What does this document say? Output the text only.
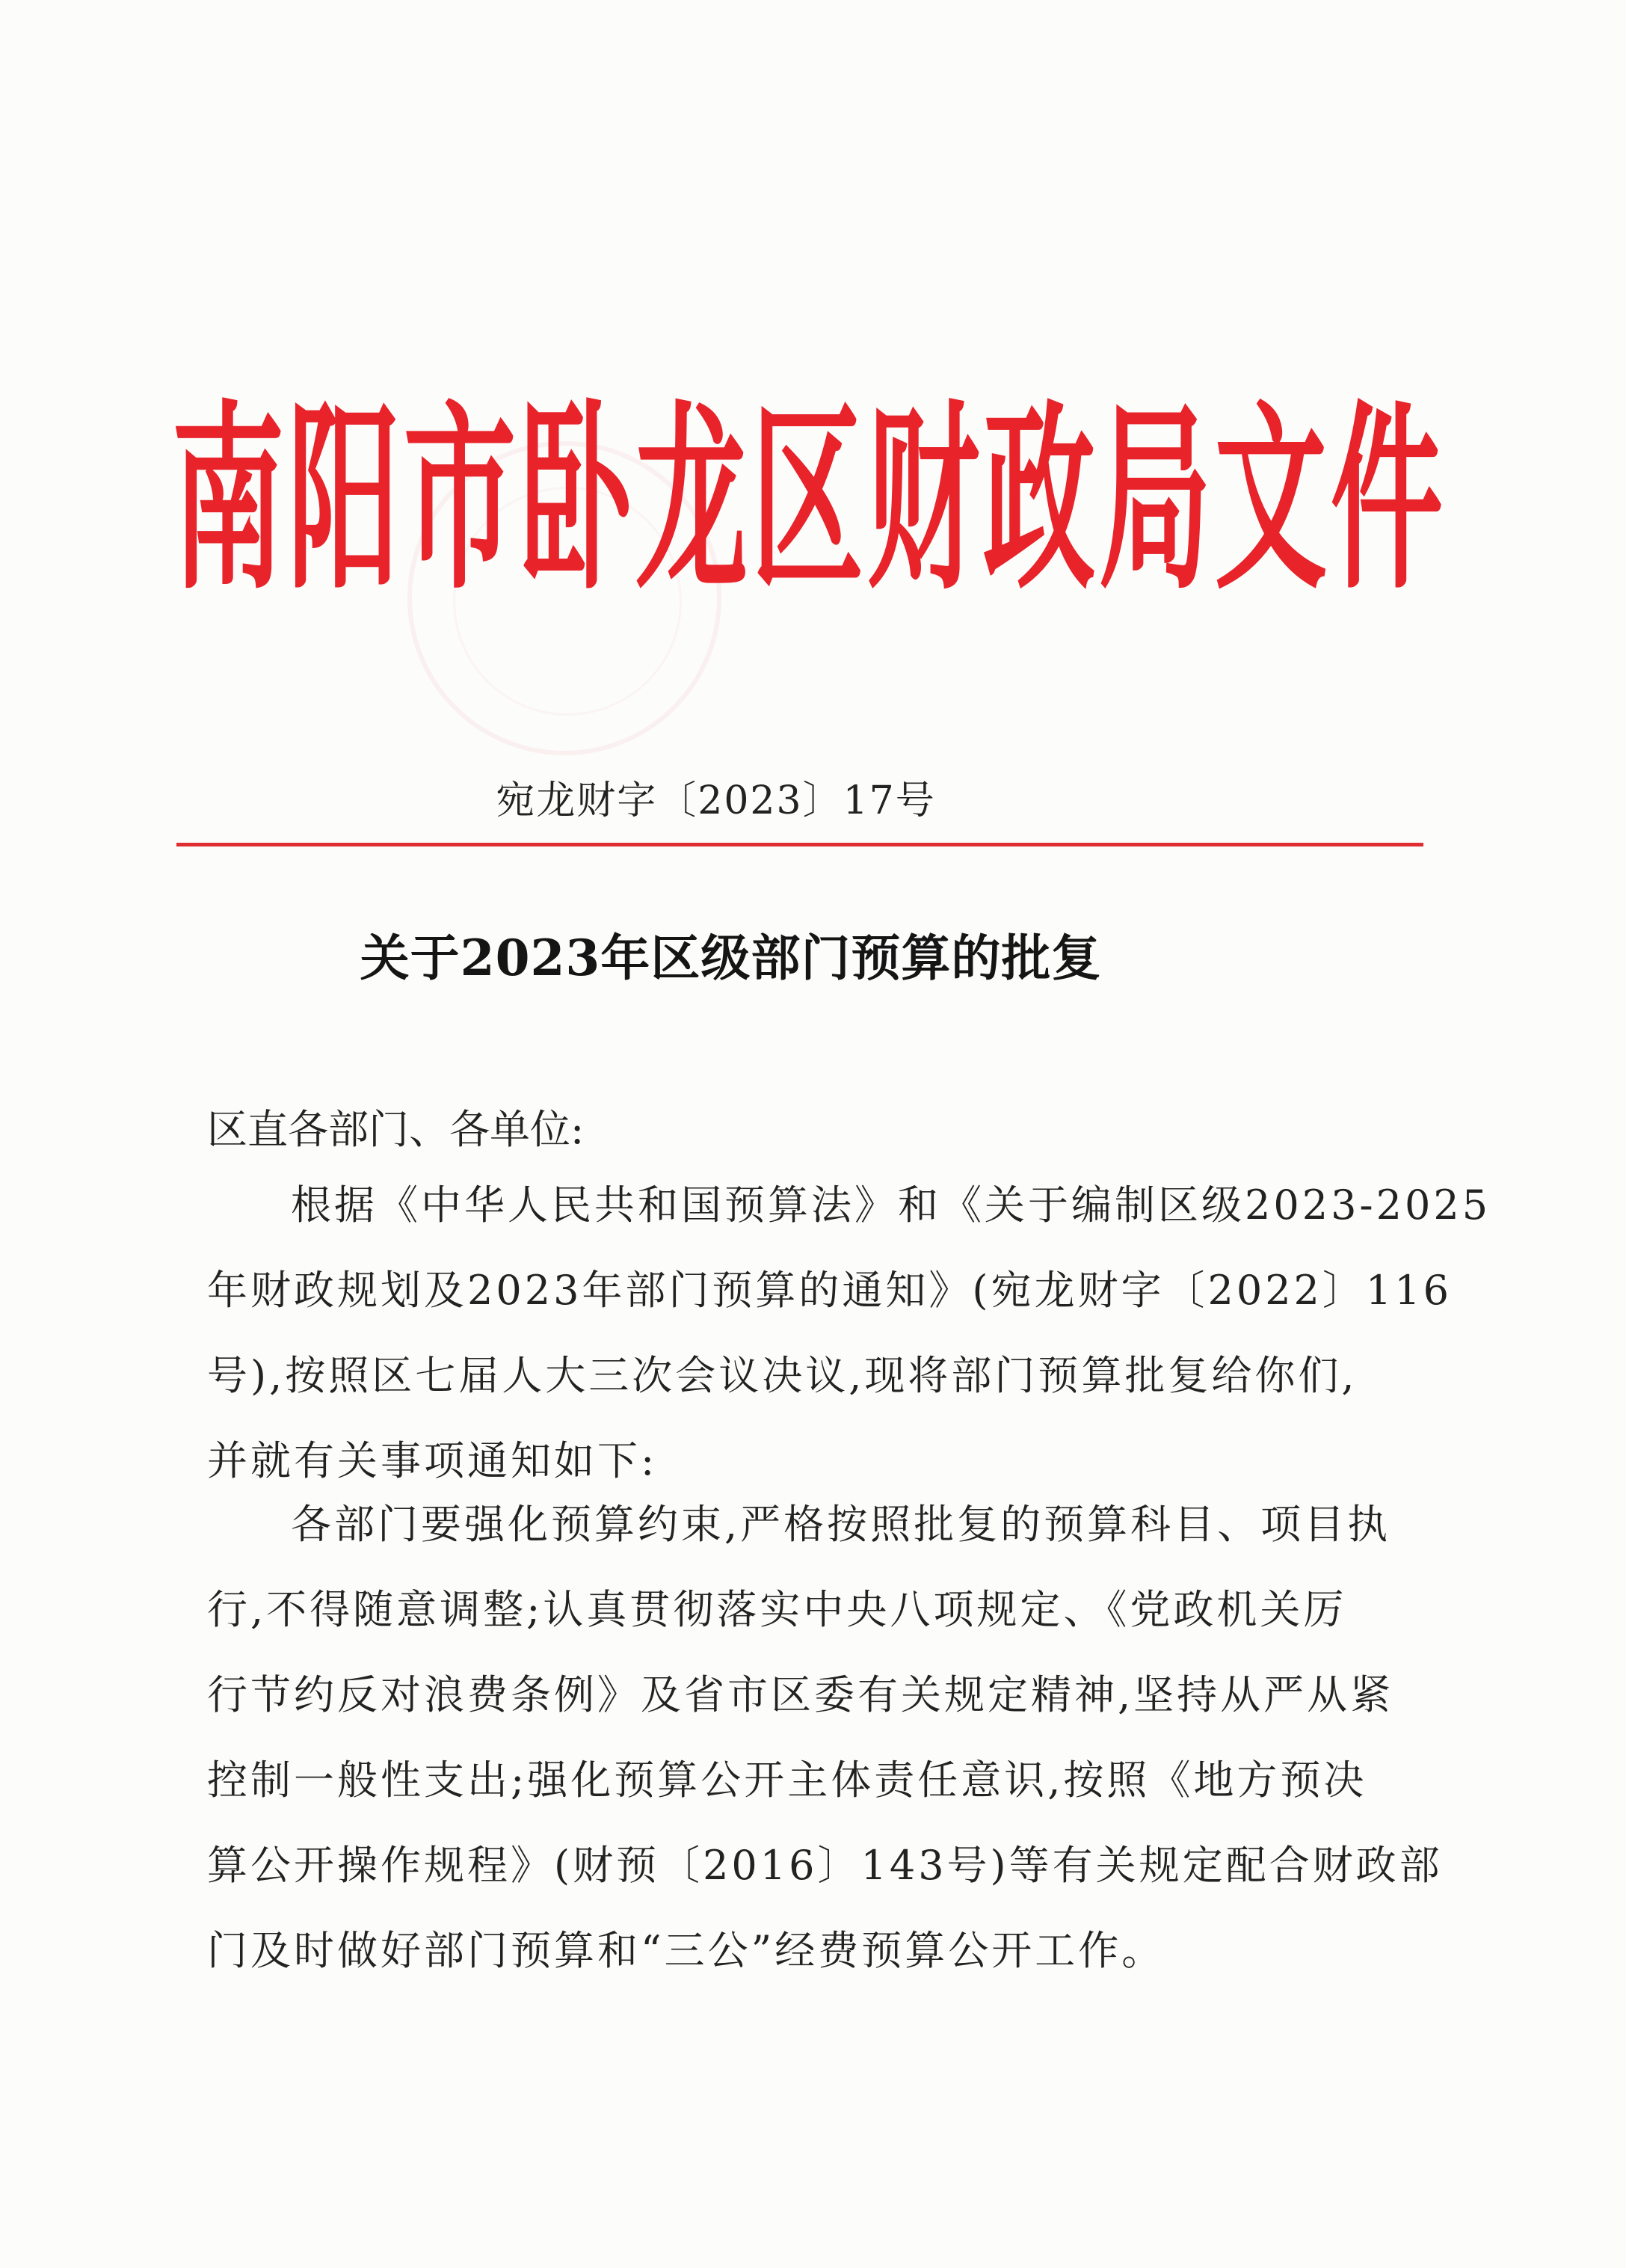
南 阳 市 卧 龙 区 财 政 局 文 件
宛龙财字〔2023〕17号
关于2023年区级部门预算的批复
区直各部门、各单位:
根据《中华人民共和国预算法》和《关于编制区级2023-2025
年财政规划及2023年部门预算的通知》(宛龙财字〔2022〕116
号),按照区七届人大三次会议决议,现将部门预算批复给你们,
并就有关事项通知如下:
各部门要强化预算约束,严格按照批复的预算科目、项目执
行,不得随意调整;认真贯彻落实中央八项规定、《党政机关厉
行节约反对浪费条例》及省市区委有关规定精神,坚持从严从紧
控制一般性支出;强化预算公开主体责任意识,按照《地方预决
算公开操作规程》(财预〔2016〕143号)等有关规定配合财政部
门及时做好部门预算和“三公”经费预算公开工作。
